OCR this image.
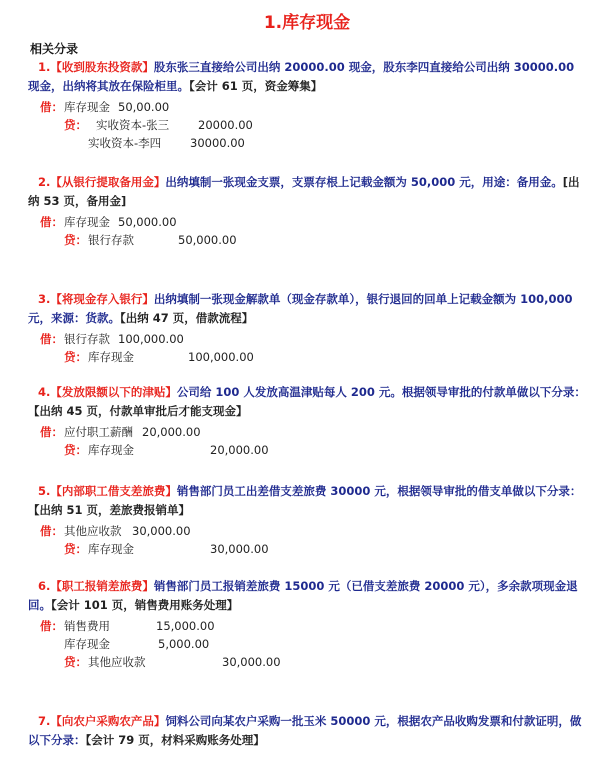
1.库存现金
相关分录
1.【收到股东投资款】股东张三直接给公司出纳 20000.00 现金，股东李四直接给公司出纳 30000.00 现金，出纳将其放在保险柜里。【会计 61 页，资金筹集】
借： 库存现金 50,00.00
贷： 实收资本-张三	20000.00
实收资本-李四	30000.00
2.【从银行提取备用金】出纳填制一张现金支票，支票存根上记载金额为 50,000 元，用途：备用金。[出纳 53 页，备用金]
借： 库存现金 50,000.00
贷： 银行存款	50,000.00
3.【将现金存入银行】出纳填制一张现金解款单（现金存款单），银行退回的回单上记载金额为 100,000 元，来源：货款。【出纳 47 页，借款流程】
借： 银行存款 100,000.00
贷： 库存现金	100,000.00
4.【发放限额以下的津贴】公司给 100 人发放高温津贴每人 200 元。根据领导审批的付款单做以下分录：【出纳 45 页，付款单审批后才能支现金】
借： 应付职工薪酬 20,000.00
贷： 库存现金	20,000.00
5.【内部职工借支差旅费】销售部门员工出差借支差旅费 30000 元，根据领导审批的借支单做以下分录：【出纳 51 页，差旅费报销单】
借： 其他应收款 30,000.00
贷： 库存现金	30,000.00
6.【职工报销差旅费】销售部门员工报销差旅费 15000 元（已借支差旅费 20000 元），多余款项现金退回。【会计 101 页，销售费用账务处理】
借： 销售费用	15,000.00
库存现金	5,000.00
贷： 其他应收款	30,000.00
7.【向农户采购农产品】饲料公司向某农户采购一批玉米 50000 元，根据农产品收购发票和付款证明，做以下分录：【会计 79 页，材料采购账务处理】
